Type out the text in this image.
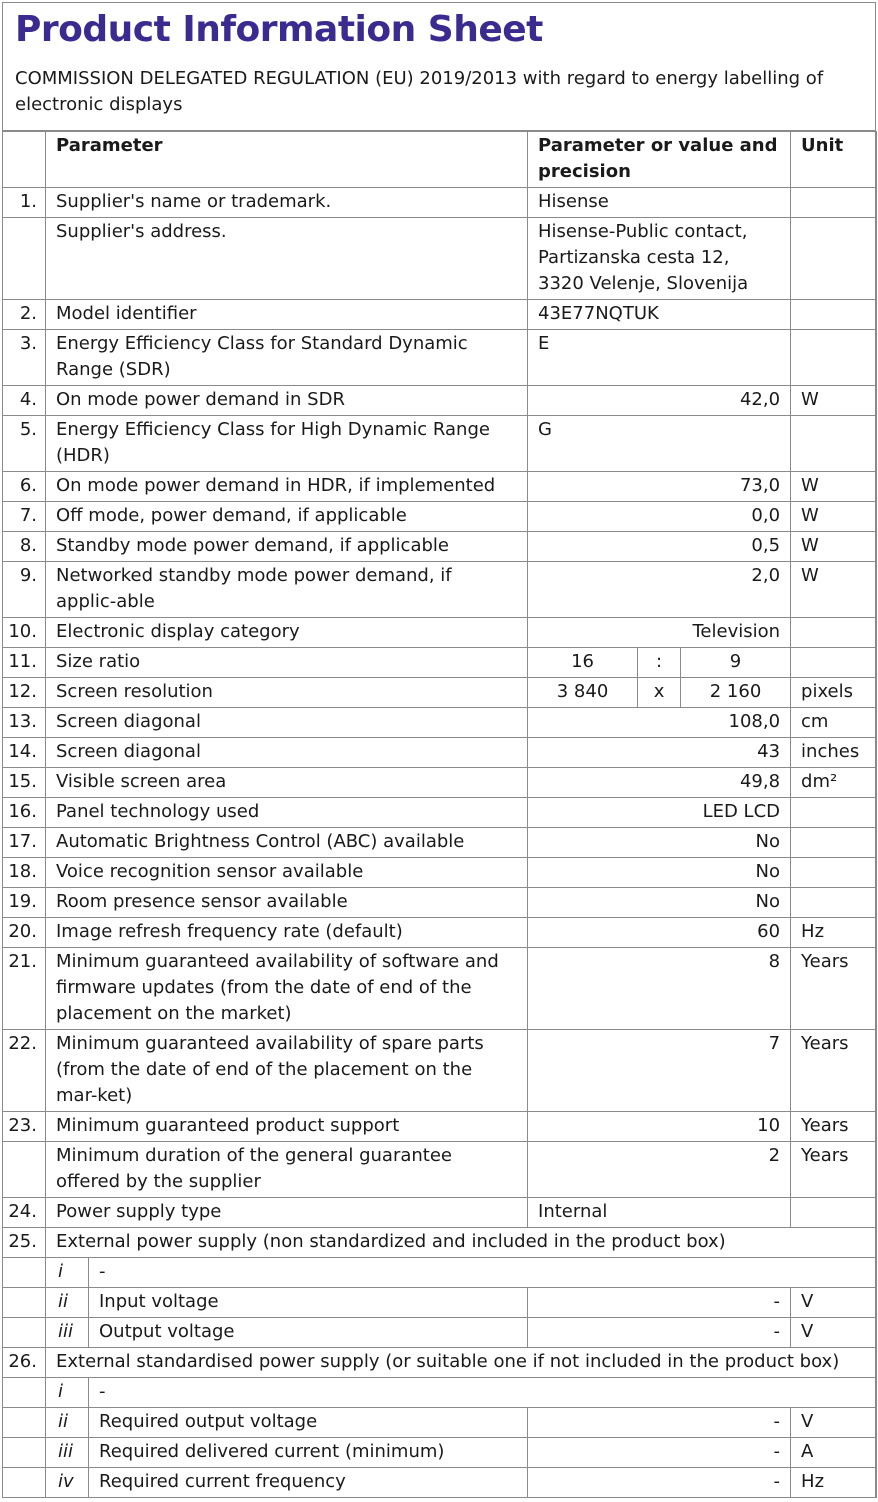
Product Information Sheet
COMMISSION DELEGATED REGULATION (EU) 2019/2013 with regard to energy labelling of electronic displays
	Parameter		Parameter or value and precision			Unit
1.	Supplier's name or trademark.		Hisense			
	Supplier's address.		Hisense-Public contact, Partizanska cesta 12, 3320 Velenje, Slovenija			
2.	Model identifier		43E77NQTUK			
3.	Energy Efficiency Class for Standard Dynamic Range (SDR)		E			
4.	On mode power demand in SDR		42,0			W
5.	Energy Efficiency Class for High Dynamic Range (HDR)		G			
6.	On mode power demand in HDR, if implemented		73,0			W
7.	Off mode, power demand, if applicable		0,0			W
8.	Standby mode power demand, if applicable		0,5			W
9.	Networked standby mode power demand, if applic-able		2,0			W
10.	Electronic display category		Television			
11.	Size ratio		16	:	9	
12.	Screen resolution		3 840	x	2 160	pixels
13.	Screen diagonal		108,0			cm
14.	Screen diagonal		43			inches
15.	Visible screen area		49,8			dm²
16.	Panel technology used		LED LCD			
17.	Automatic Brightness Control (ABC) available		No			
18.	Voice recognition sensor available		No			
19.	Room presence sensor available		No			
20.	Image refresh frequency rate (default)		60			Hz
21.	Minimum guaranteed availability of software and firmware updates (from the date of end of the placement on the market)		8			Years
22.	Minimum guaranteed availability of spare parts (from the date of end of the placement on the mar-ket)		7			Years
23.	Minimum guaranteed product support		10			Years
	Minimum duration of the general guarantee offered by the supplier		2			Years
24.	Power supply type		Internal			
25.	External power supply (non standardized and included in the product box)					
	i	-				
	ii	Input voltage	-			V
	iii	Output voltage	-			V
26.	External standardised power supply (or suitable one if not included in the product box)					
	i	-				
	ii	Required output voltage	-			V
	iii	Required delivered current (minimum)	-			A
	iv	Required current frequency	-			Hz
